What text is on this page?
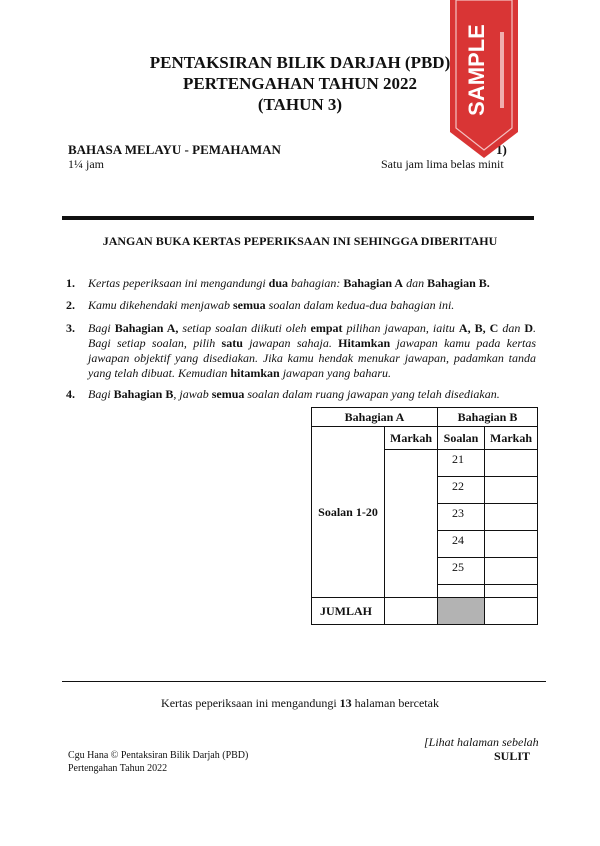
PENTAKSIRAN BILIK DARJAH (PBD)
PERTENGAHAN TAHUN 2022
(TAHUN 3)
BAHASA MELAYU - PEMAHAMAN	1)
1¼ jam	Satu jam lima belas minit
SAMPLE
JANGAN BUKA KERTAS PEPERIKSAAN INI SEHINGGA DIBERITAHU
1. Kertas peperiksaan ini mengandungi dua bahagian: Bahagian A dan Bahagian B.
2. Kamu dikehendaki menjawab semua soalan dalam kedua-dua bahagian ini.
3. Bagi Bahagian A, setiap soalan diikuti oleh empat pilihan jawapan, iaitu A, B, C dan D. Bagi setiap soalan, pilih satu jawapan sahaja. Hitamkan jawapan kamu pada kertas jawapan objektif yang disediakan. Jika kamu hendak menukar jawapan, padamkan tanda yang telah dibuat. Kemudian hitamkan jawapan yang baharu.
4. Bagi Bahagian B, jawab semua soalan dalam ruang jawapan yang telah disediakan.
Bahagian A		Bahagian B	
Soalan 1-20	Markah	Soalan	Markah
		21	
		22	
		23	
		24	
		25	

JUMLAH			
Kertas peperiksaan ini mengandungi 13 halaman bercetak
[Lihat halaman sebelah
SULIT
Cgu Hana © Pentaksiran Bilik Darjah (PBD)
Pertengahan Tahun 2022
